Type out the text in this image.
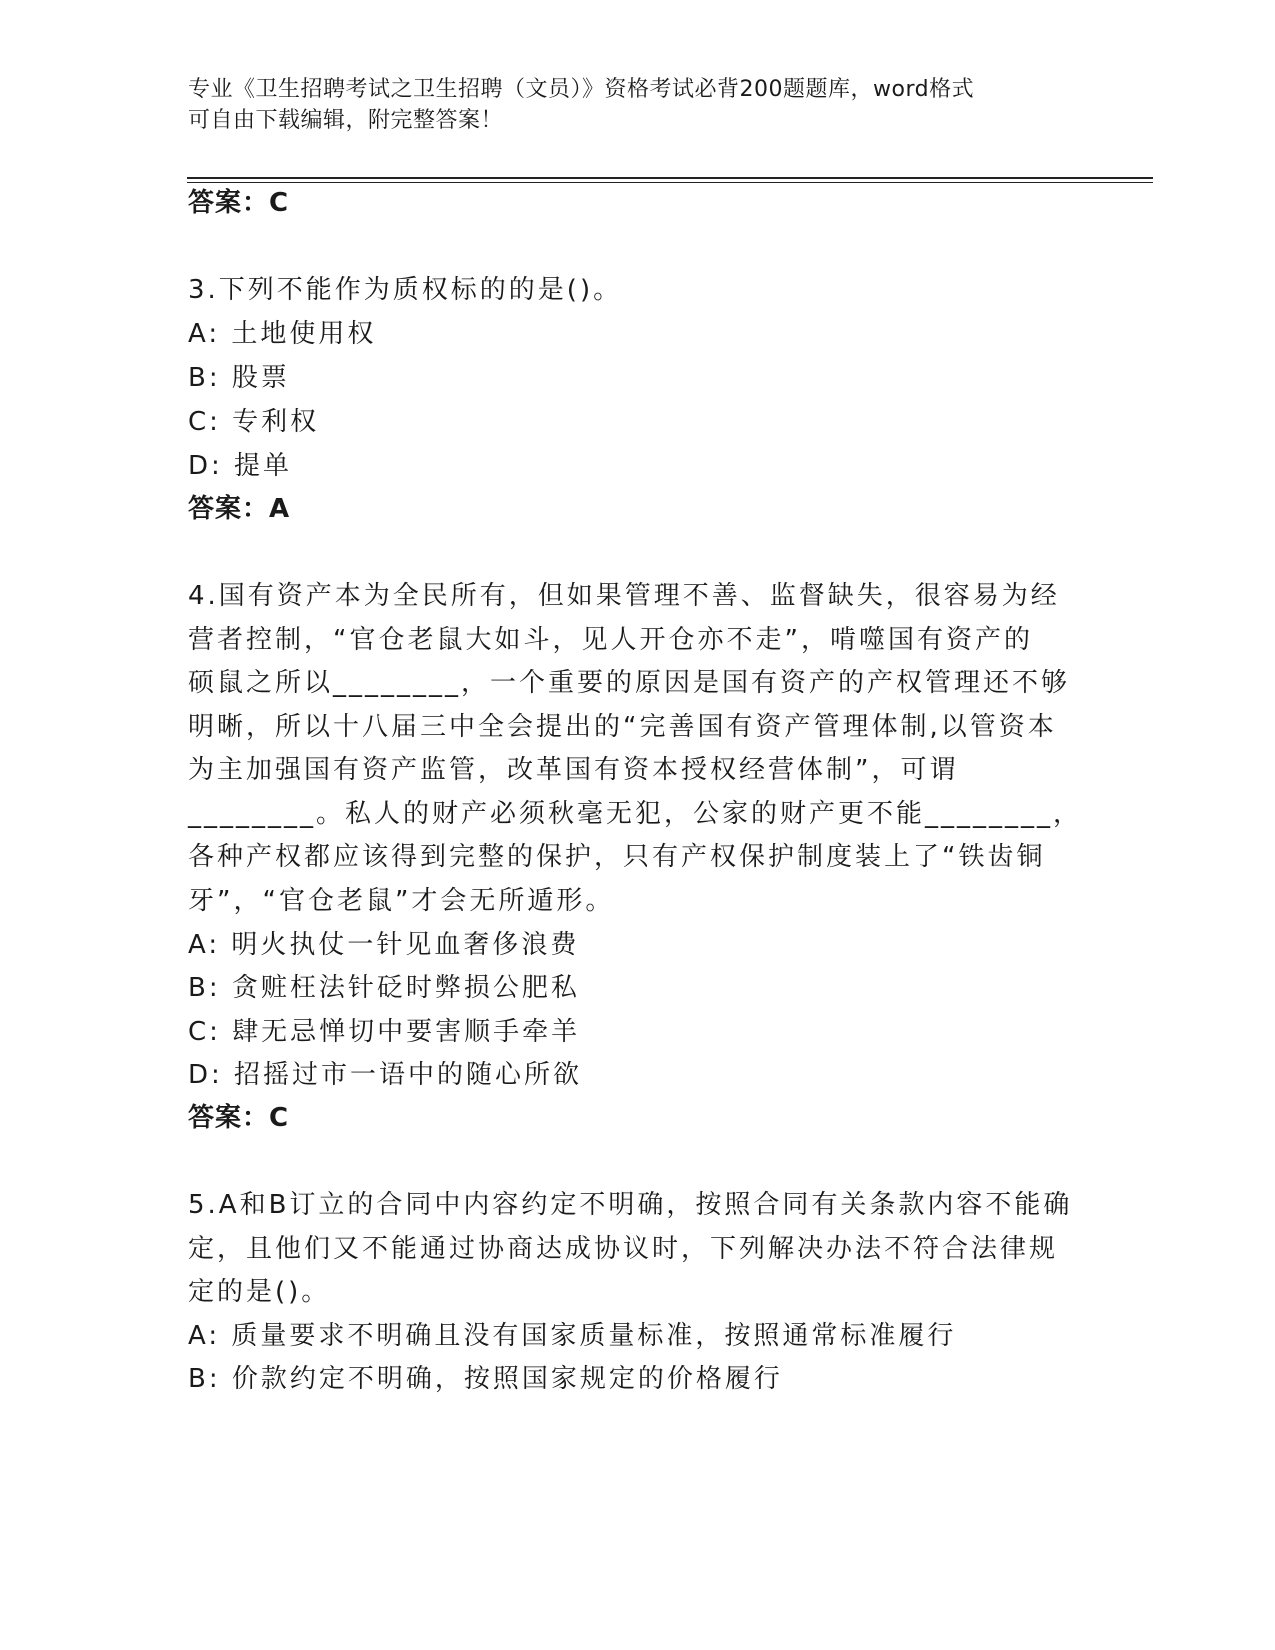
专业《卫生招聘考试之卫生招聘（文员）》资格考试必背200题题库，word格式
可自由下载编辑，附完整答案！
答案：C
3.下列不能作为质权标的的是()。
A: 土地使用权
B: 股票
C: 专利权
D: 提单
答案：A
4.国有资产本为全民所有，但如果管理不善、监督缺失，很容易为经
营者控制，“官仓老鼠大如斗，见人开仓亦不走”，啃噬国有资产的
硕鼠之所以________，一个重要的原因是国有资产的产权管理还不够
明晰，所以十八届三中全会提出的“完善国有资产管理体制,以管资本
为主加强国有资产监管，改革国有资本授权经营体制”，可谓
________。私人的财产必须秋毫无犯，公家的财产更不能________，
各种产权都应该得到完整的保护，只有产权保护制度装上了“铁齿铜
牙”，“官仓老鼠”才会无所遁形。
A: 明火执仗一针见血奢侈浪费
B: 贪赃枉法针砭时弊损公肥私
C: 肆无忌惮切中要害顺手牵羊
D: 招摇过市一语中的随心所欲
答案：C
5.A和B订立的合同中内容约定不明确，按照合同有关条款内容不能确
定，且他们又不能通过协商达成协议时，下列解决办法不符合法律规
定的是()。
A: 质量要求不明确且没有国家质量标准，按照通常标准履行
B: 价款约定不明确，按照国家规定的价格履行
